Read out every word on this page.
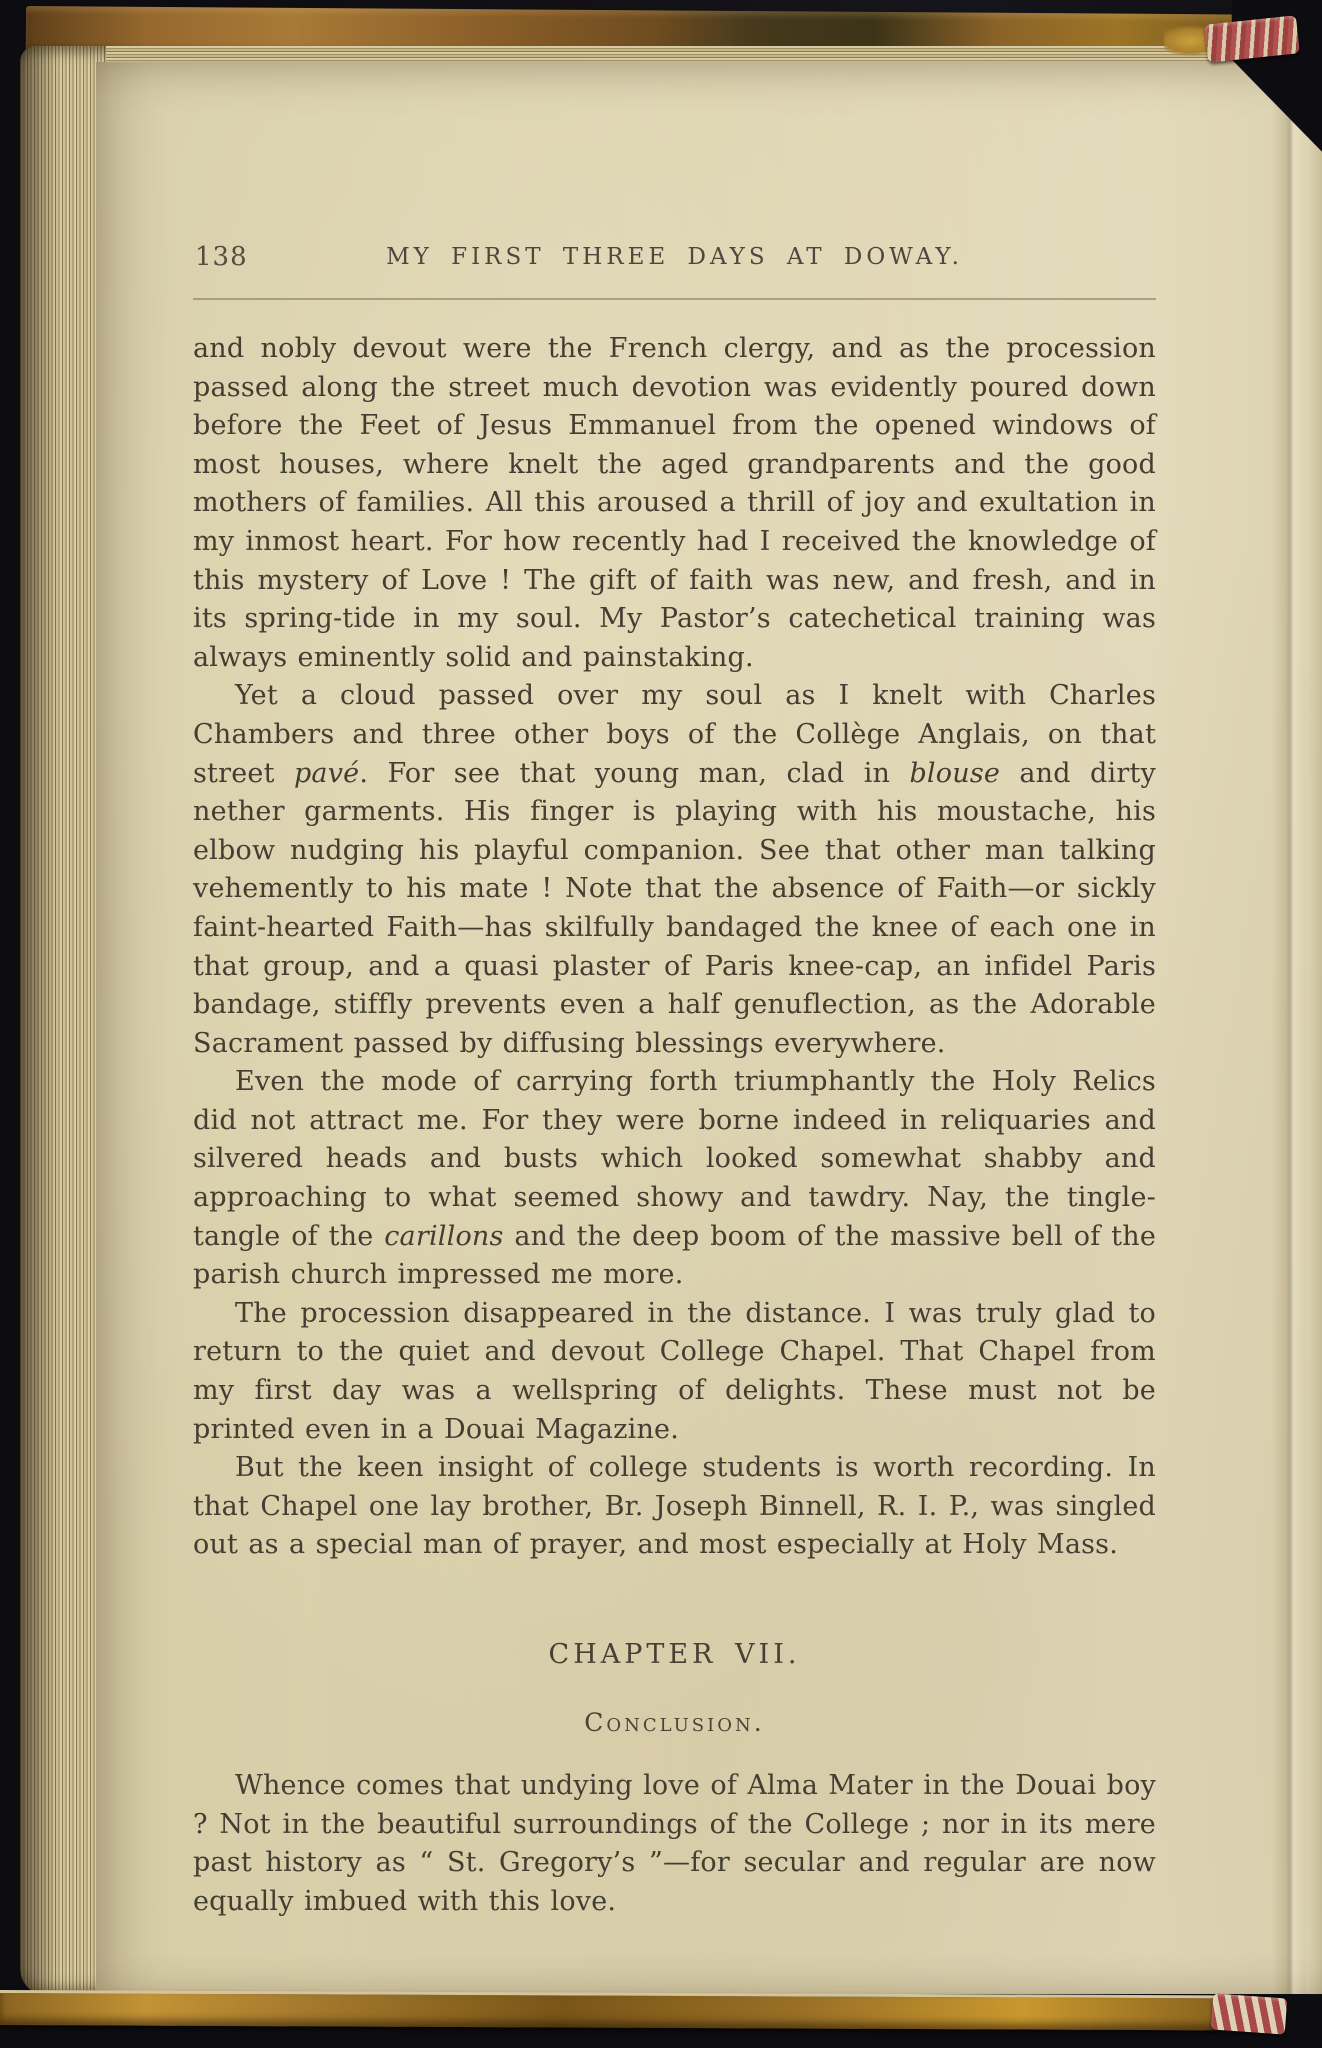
138	MY FIRST THREE DAYS AT DOWAY.

and nobly devout were the French clergy, and as the procession passed along the street much devotion was evidently poured down before the Feet of Jesus Emmanuel from the opened windows of most houses, where knelt the aged grandparents and the good mothers of families. All this aroused a thrill of joy and exultation in my inmost heart. For how recently had I received the knowledge of this mystery of Love ! The gift of faith was new, and fresh, and in its spring-tide in my soul. My Pastor’s catechetical training was always eminently solid and painstaking.

Yet a cloud passed over my soul as I knelt with Charles Chambers and three other boys of the Collège Anglais, on that street pavé. For see that young man, clad in blouse and dirty nether garments. His finger is playing with his moustache, his elbow nudging his playful companion. See that other man talking vehemently to his mate ! Note that the absence of Faith—or sickly faint-hearted Faith—has skilfully bandaged the knee of each one in that group, and a quasi plaster of Paris knee-cap, an infidel Paris bandage, stiffly prevents even a half genuflection, as the Adorable Sacrament passed by diffusing blessings everywhere.

Even the mode of carrying forth triumphantly the Holy Relics did not attract me. For they were borne indeed in reliquaries and silvered heads and busts which looked somewhat shabby and approaching to what seemed showy and tawdry. Nay, the tingle-tangle of the carillons and the deep boom of the massive bell of the parish church impressed me more.

The procession disappeared in the distance. I was truly glad to return to the quiet and devout College Chapel. That Chapel from my first day was a wellspring of delights. These must not be printed even in a Douai Magazine.

But the keen insight of college students is worth recording. In that Chapel one lay brother, Br. Joseph Binnell, R. I. P., was singled out as a special man of prayer, and most especially at Holy Mass.

CHAPTER VII.
Conclusion.

Whence comes that undying love of Alma Mater in the Douai boy ? Not in the beautiful surroundings of the College ; nor in its mere past history as “ St. Gregory’s ”—for secular and regular are now equally imbued with this love.
